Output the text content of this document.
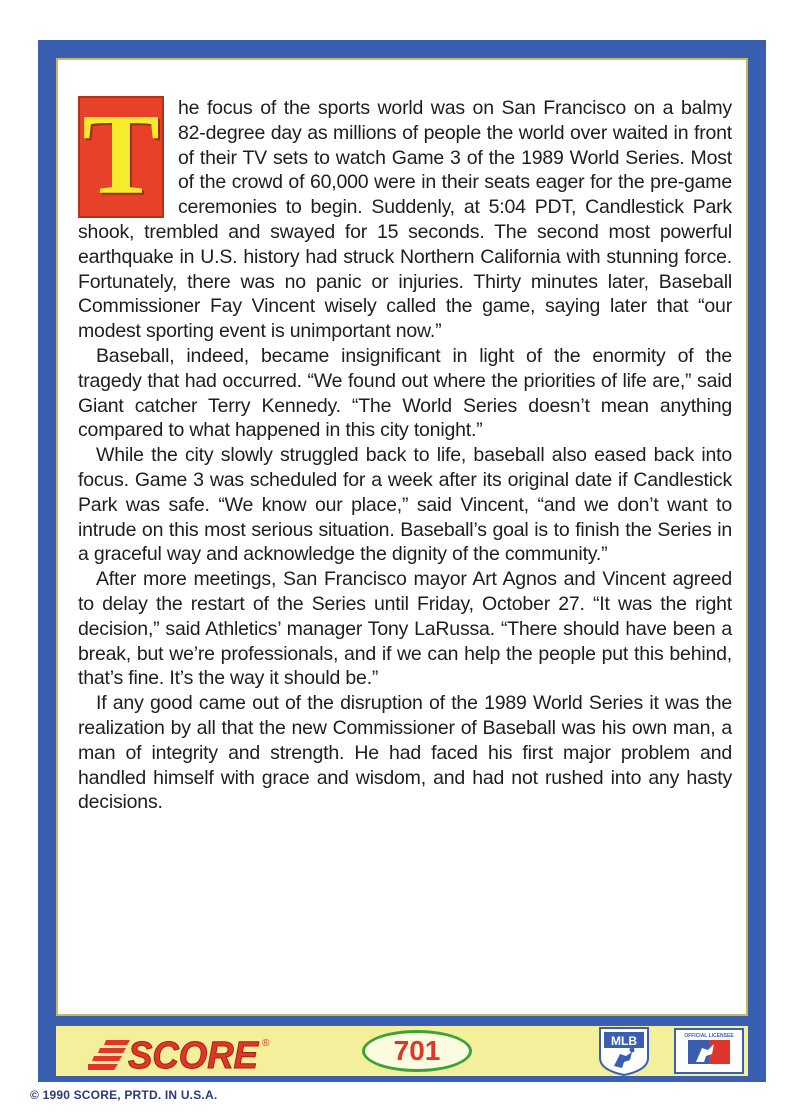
T he focus of the sports world was on San Francisco on a balmy 82-degree day as millions of people the world over waited in front of their TV sets to watch Game 3 of the 1989 World Series. Most of the crowd of 60,000 were in their seats eager for the pre-game ceremonies to begin. Suddenly, at 5:04 PDT, Candlestick Park shook, trembled and swayed for 15 seconds. The second most powerful earthquake in U.S. history had struck Northern California with stunning force. Fortunately, there was no panic or injuries. Thirty minutes later, Baseball Commissioner Fay Vincent wisely called the game, saying later that “our modest sporting event is unimportant now.”

Baseball, indeed, became insignificant in light of the enormity of the tragedy that had occurred. “We found out where the priorities of life are,” said Giant catcher Terry Kennedy. “The World Series doesn’t mean anything compared to what happened in this city tonight.”

While the city slowly struggled back to life, baseball also eased back into focus. Game 3 was scheduled for a week after its original date if Candlestick Park was safe. “We know our place,” said Vincent, “and we don’t want to intrude on this most serious situation. Baseball’s goal is to finish the Series in a graceful way and acknowledge the dignity of the community.”

After more meetings, San Francisco mayor Art Agnos and Vincent agreed to delay the restart of the Series until Friday, October 27. “It was the right decision,” said Athletics’ manager Tony LaRussa. “There should have been a break, but we’re professionals, and if we can help the people put this behind, that’s fine. It’s the way it should be.”

If any good came out of the disruption of the 1989 World Series it was the realization by all that the new Commissioner of Baseball was his own man, a man of integrity and strength. He had faced his first major problem and handled himself with grace and wisdom, and had not rushed into any hasty decisions.

SCORE ®	701	MLB	OFFICIAL LICENSEE
© 1990 SCORE, PRTD. IN U.S.A.
